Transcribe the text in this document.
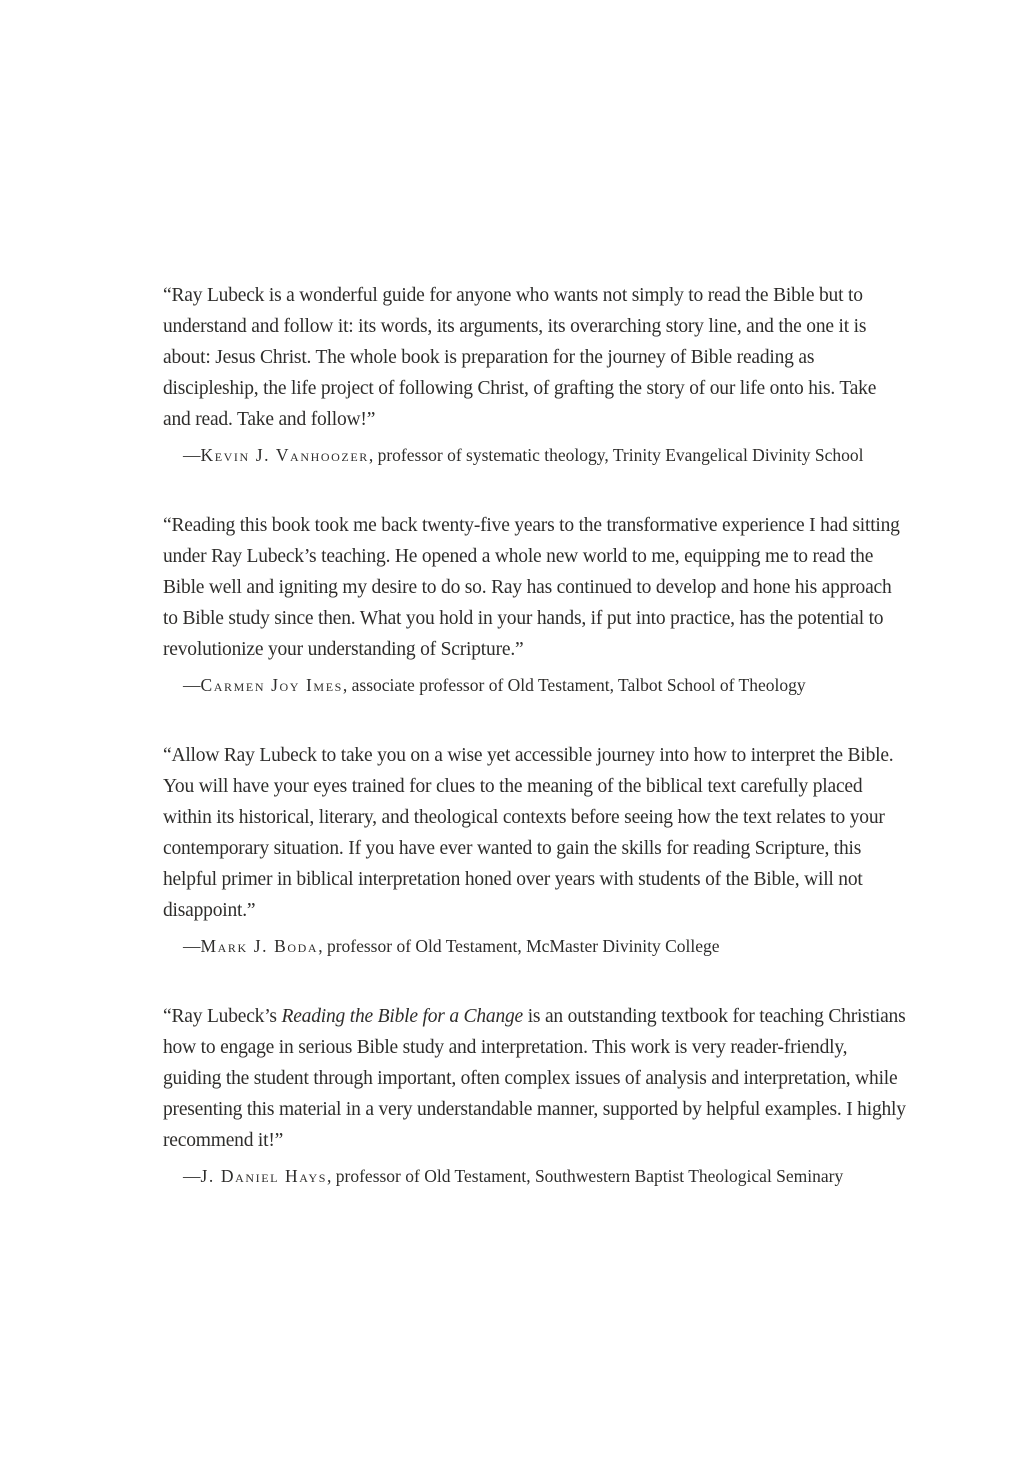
“Ray Lubeck is a wonderful guide for anyone who wants not simply to read the Bible but to understand and follow it: its words, its arguments, its overarching story line, and the one it is about: Jesus Christ. The whole book is preparation for the journey of Bible reading as discipleship, the life project of following Christ, of grafting the story of our life onto his. Take and read. Take and follow!”

—Kevin J. Vanhoozer, professor of systematic theology, Trinity Evangelical Divinity School

“Reading this book took me back twenty-five years to the transformative experience I had sitting under Ray Lubeck’s teaching. He opened a whole new world to me, equipping me to read the Bible well and igniting my desire to do so. Ray has continued to develop and hone his approach to Bible study since then. What you hold in your hands, if put into practice, has the potential to revolutionize your understanding of Scripture.”

—Carmen Joy Imes, associate professor of Old Testament, Talbot School of Theology

“Allow Ray Lubeck to take you on a wise yet accessible journey into how to interpret the Bible. You will have your eyes trained for clues to the meaning of the biblical text carefully placed within its historical, literary, and theological contexts before seeing how the text relates to your contemporary situation. If you have ever wanted to gain the skills for reading Scripture, this helpful primer in biblical interpretation honed over years with students of the Bible, will not disappoint.”

—Mark J. Boda, professor of Old Testament, McMaster Divinity College

“Ray Lubeck’s Reading the Bible for a Change is an outstanding textbook for teaching Christians how to engage in serious Bible study and interpretation. This work is very reader-friendly, guiding the student through important, often complex issues of analysis and interpretation, while presenting this material in a very understandable manner, supported by helpful examples. I highly recommend it!”

—J. Daniel Hays, professor of Old Testament, Southwestern Baptist Theological Seminary
